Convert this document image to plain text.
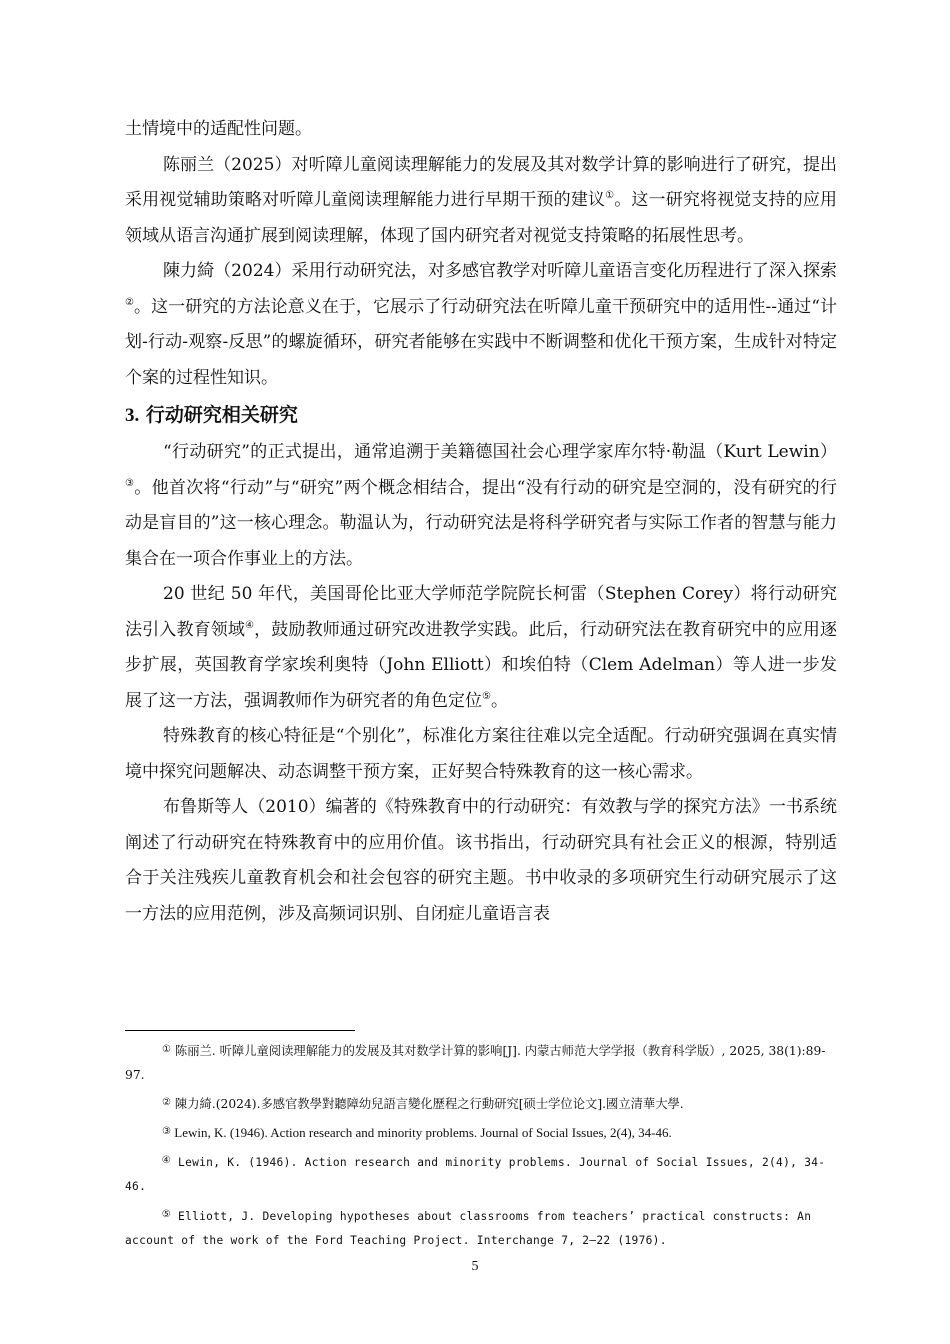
土情境中的适配性问题。

陈丽兰（2025）对听障儿童阅读理解能力的发展及其对数学计算的影响进行了研究，提出采用视觉辅助策略对听障儿童阅读理解能力进行早期干预的建议①。这一研究将视觉支持的应用领域从语言沟通扩展到阅读理解，体现了国内研究者对视觉支持策略的拓展性思考。

陳力綺（2024）采用行动研究法，对多感官教学对听障儿童语言变化历程进行了深入探索②。这一研究的方法论意义在于，它展示了行动研究法在听障儿童干预研究中的适用性--通过“计划-行动-观察-反思”的螺旋循环，研究者能够在实践中不断调整和优化干预方案，生成针对特定个案的过程性知识。

3. 行动研究相关研究

“行动研究”的正式提出，通常追溯于美籍德国社会心理学家库尔特·勒温（Kurt Lewin）③。他首次将“行动”与“研究”两个概念相结合，提出“没有行动的研究是空洞的，没有研究的行动是盲目的”这一核心理念。勒温认为，行动研究法是将科学研究者与实际工作者的智慧与能力集合在一项合作事业上的方法。

20 世纪 50 年代，美国哥伦比亚大学师范学院院长柯雷（Stephen Corey）将行动研究法引入教育领域④，鼓励教师通过研究改进教学实践。此后，行动研究法在教育研究中的应用逐步扩展，英国教育学家埃利奥特（John Elliott）和埃伯特（Clem Adelman）等人进一步发展了这一方法，强调教师作为研究者的角色定位⑤。

特殊教育的核心特征是“个别化”，标准化方案往往难以完全适配。行动研究强调在真实情境中探究问题解决、动态调整干预方案，正好契合特殊教育的这一核心需求。

布鲁斯等人（2010）编著的《特殊教育中的行动研究：有效教与学的探究方法》一书系统阐述了行动研究在特殊教育中的应用价值。该书指出，行动研究具有社会正义的根源，特别适合于关注残疾儿童教育机会和社会包容的研究主题。书中收录的多项研究生行动研究展示了这一方法的应用范例，涉及高频词识别、自闭症儿童语言表

① 陈丽兰. 听障儿童阅读理解能力的发展及其对数学计算的影响[J]. 内蒙古师范大学学报（教育科学版）, 2025, 38(1):89-97.

② 陳力綺.(2024).多感官教學對聽障幼兒語言變化歷程之行動研究[硕士学位论文].國立清華大學.

③ Lewin, K. (1946). Action research and minority problems. Journal of Social Issues, 2(4), 34-46.

④ Lewin, K. (1946). Action research and minority problems. Journal of Social Issues, 2(4), 34-46.

⑤ Elliott, J. Developing hypotheses about classrooms from teachers’ practical constructs: An account of the work of the Ford Teaching Project. Interchange 7, 2–22 (1976).

5
